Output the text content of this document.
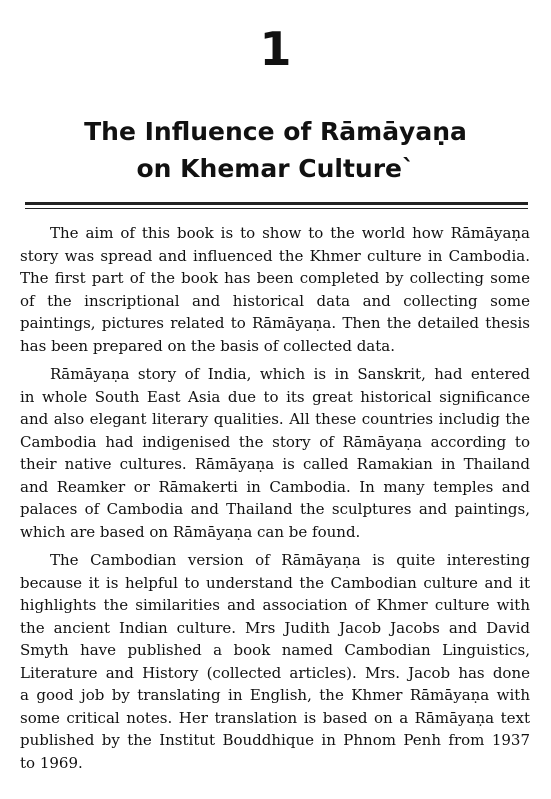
1
The Influence of Rāmāyaṇa
on Khemar Culture`

The aim of this book is to show to the world how Rāmāyaṇa
story was spread and influenced the Khmer culture in Cambodia.
The first part of the book has been completed by collecting some
of the inscriptional and historical data and collecting some
paintings, pictures related to Rāmāyaṇa. Then the detailed thesis
has been prepared on the basis of collected data.

Rāmāyaṇa story of India, which is in Sanskrit, had entered
in whole South East Asia due to its great historical significance
and also elegant literary qualities. All these countries includig the
Cambodia had indigenised the story of Rāmāyaṇa according to
their native cultures. Rāmāyaṇa is called Ramakian in Thailand
and Reamker or Rāmakerti in Cambodia. In many temples and
palaces of Cambodia and Thailand the sculptures and paintings,
which are based on Rāmāyaṇa can be found.

The Cambodian version of Rāmāyaṇa is quite interesting
because it is helpful to understand the Cambodian culture and it
highlights the similarities and association of Khmer culture with
the ancient Indian culture. Mrs Judith Jacob Jacobs and David
Smyth have published a book named Cambodian Linguistics,
Literature and History (collected articles). Mrs. Jacob has done
a good job by translating in English, the Khmer Rāmāyaṇa with
some critical notes. Her translation is based on a Rāmāyaṇa text
published by the Institut Bouddhique in Phnom Penh from 1937
to 1969.
